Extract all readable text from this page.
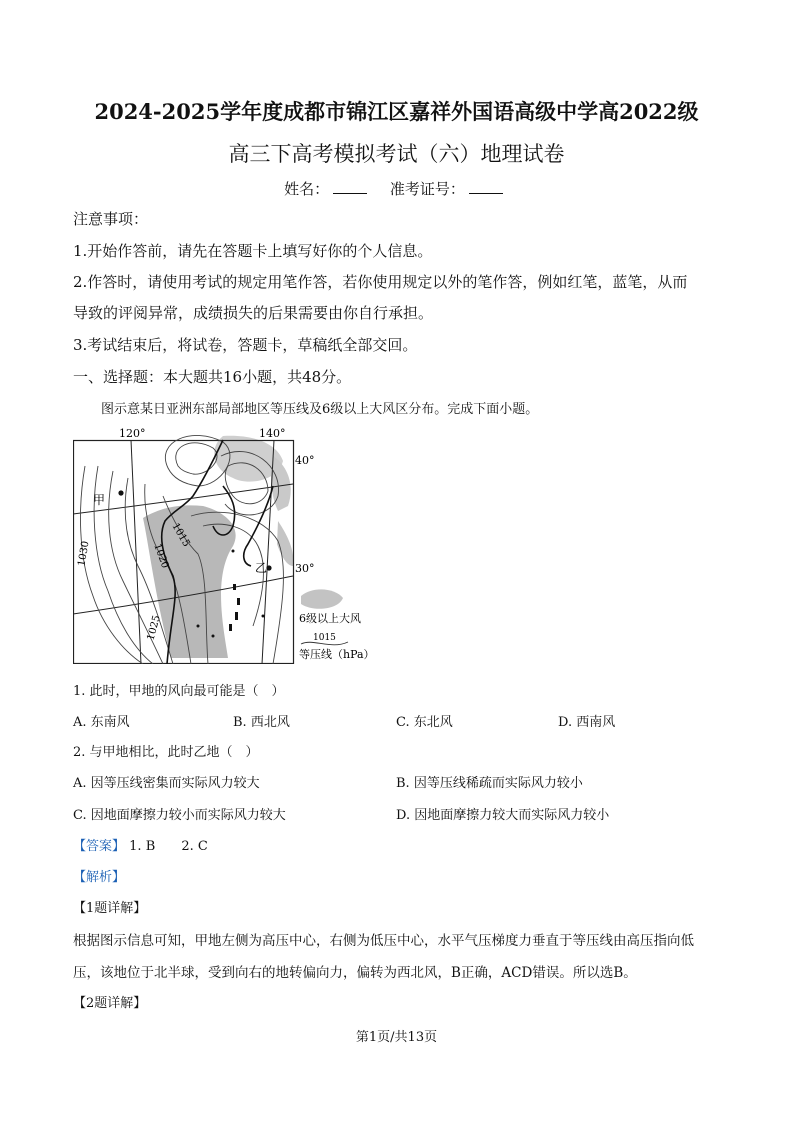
2024-2025学年度成都市锦江区嘉祥外国语高级中学高2022级
高三下高考模拟考试（六）地理试卷
姓名：	准考证号：
注意事项：
1.开始作答前，请先在答题卡上填写好你的个人信息。
2.作答时，请使用考试的规定用笔作答，若你使用规定以外的笔作答，例如红笔，蓝笔，从而
导致的评阅异常，成绩损失的后果需要由你自行承担。
3.考试结束后，将试卷，答题卡，草稿纸全部交回。
一、选择题：本大题共16小题，共48分。
图示意某日亚洲东部局部地区等压线及6级以上大风区分布。完成下面小题。
甲
乙
1030
1025
1020
1015
120°	140°
40°
30°
6级以上大风
1015
等压线（hPa）
1. 此时，甲地的风向最可能是（　）
A. 东南风	B. 西北风	C. 东北风	D. 西南风
2. 与甲地相比，此时乙地（　）
A. 因等压线密集而实际风力较大	B. 因等压线稀疏而实际风力较小
C. 因地面摩擦力较小而实际风力较大	D. 因地面摩擦力较大而实际风力较小
【答案】 1. B 2. C
【解析】
【1题详解】
根据图示信息可知，甲地左侧为高压中心，右侧为低压中心，水平气压梯度力垂直于等压线由高压指向低
压，该地位于北半球，受到向右的地转偏向力，偏转为西北风，B正确，ACD错误。所以选B。
【2题详解】
第1页/共13页
